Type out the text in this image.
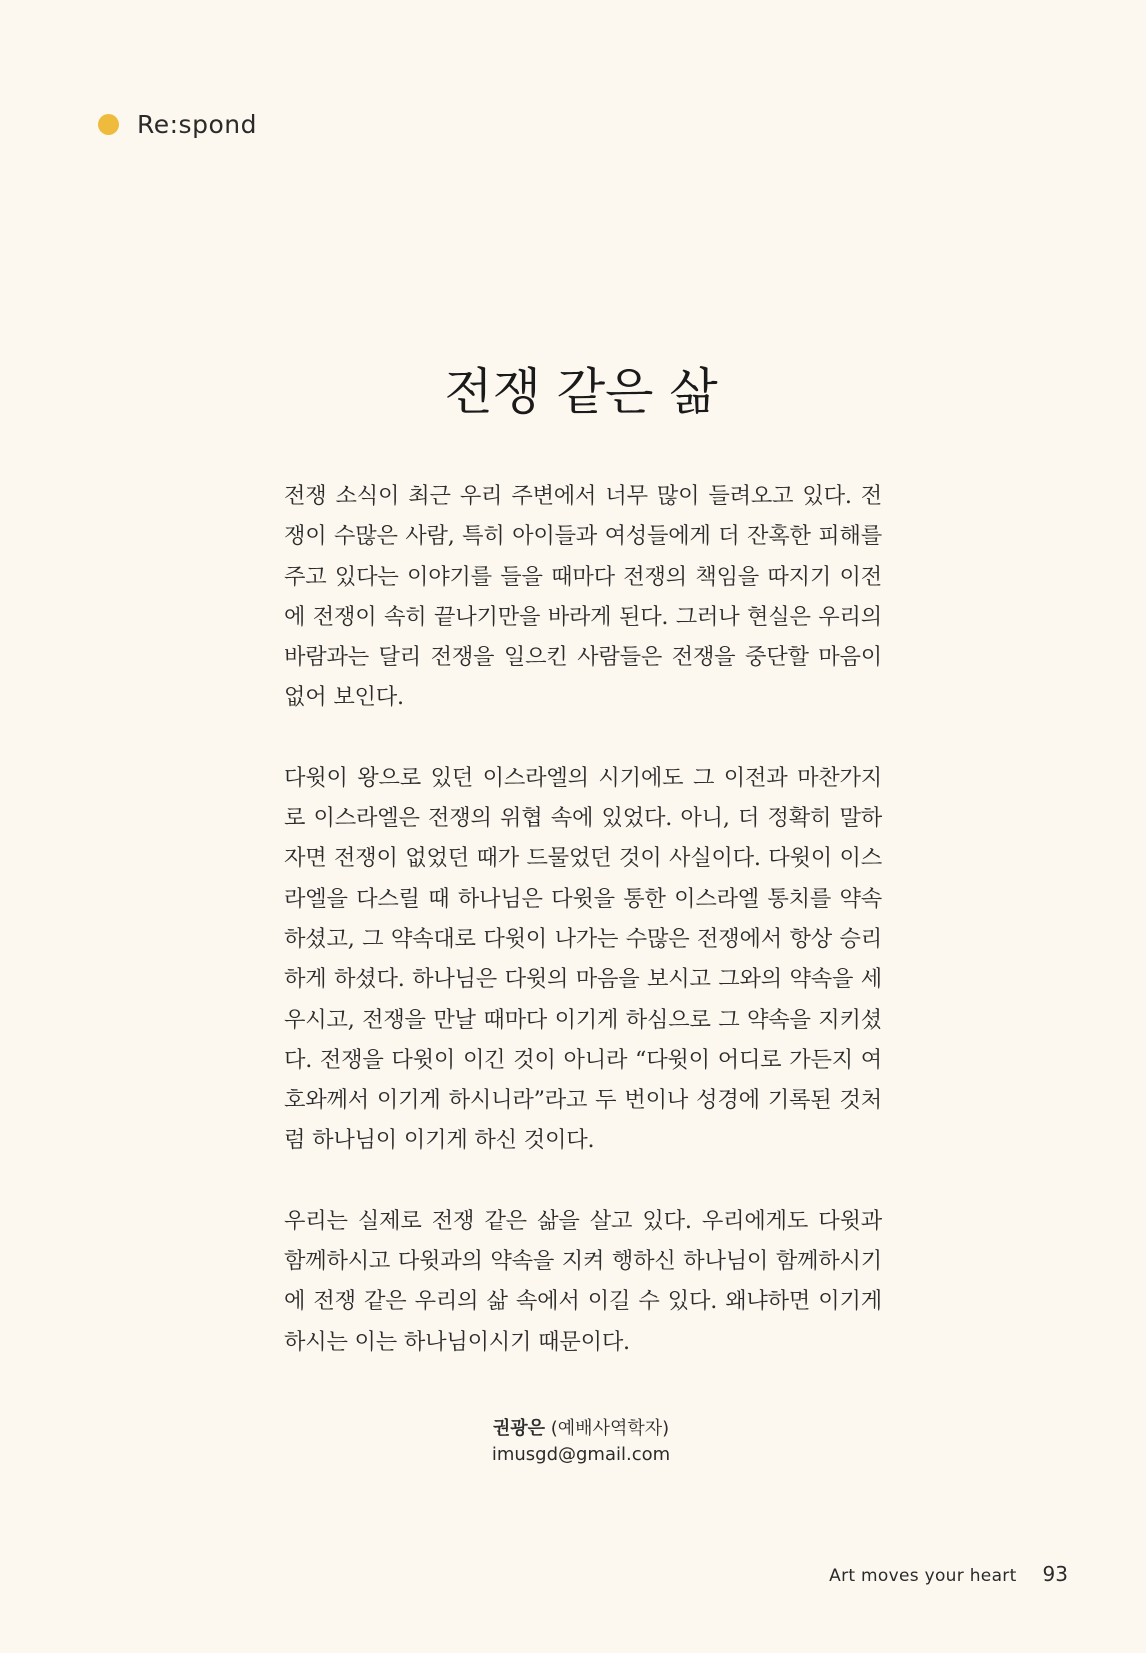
Re:spond
전쟁 같은 삶

전쟁 소식이 최근 우리 주변에서 너무 많이 들려오고 있다. 전쟁이 수많은 사람, 특히 아이들과 여성들에게 더 잔혹한 피해를 주고 있다는 이야기를 들을 때마다 전쟁의 책임을 따지기 이전에 전쟁이 속히 끝나기만을 바라게 된다. 그러나 현실은 우리의 바람과는 달리 전쟁을 일으킨 사람들은 전쟁을 중단할 마음이 없어 보인다.

다윗이 왕으로 있던 이스라엘의 시기에도 그 이전과 마찬가지로 이스라엘은 전쟁의 위협 속에 있었다. 아니, 더 정확히 말하자면 전쟁이 없었던 때가 드물었던 것이 사실이다. 다윗이 이스라엘을 다스릴 때 하나님은 다윗을 통한 이스라엘 통치를 약속 하셨고, 그 약속대로 다윗이 나가는 수많은 전쟁에서 항상 승리하게 하셨다. 하나님은 다윗의 마음을 보시고 그와의 약속을 세우시고, 전쟁을 만날 때마다 이기게 하심으로 그 약속을 지키셨다. 전쟁을 다윗이 이긴 것이 아니라 “다윗이 어디로 가든지 여호와께서 이기게 하시니라”라고 두 번이나 성경에 기록된 것처럼 하나님이 이기게 하신 것이다.

우리는 실제로 전쟁 같은 삶을 살고 있다. 우리에게도 다윗과 함께하시고 다윗과의 약속을 지켜 행하신 하나님이 함께하시기에 전쟁 같은 우리의 삶 속에서 이길 수 있다. 왜냐하면 이기게 하시는 이는 하나님이시기 때문이다.

권광은 (예배사역학자)
imusgd@gmail.com
Art moves your heart 93
